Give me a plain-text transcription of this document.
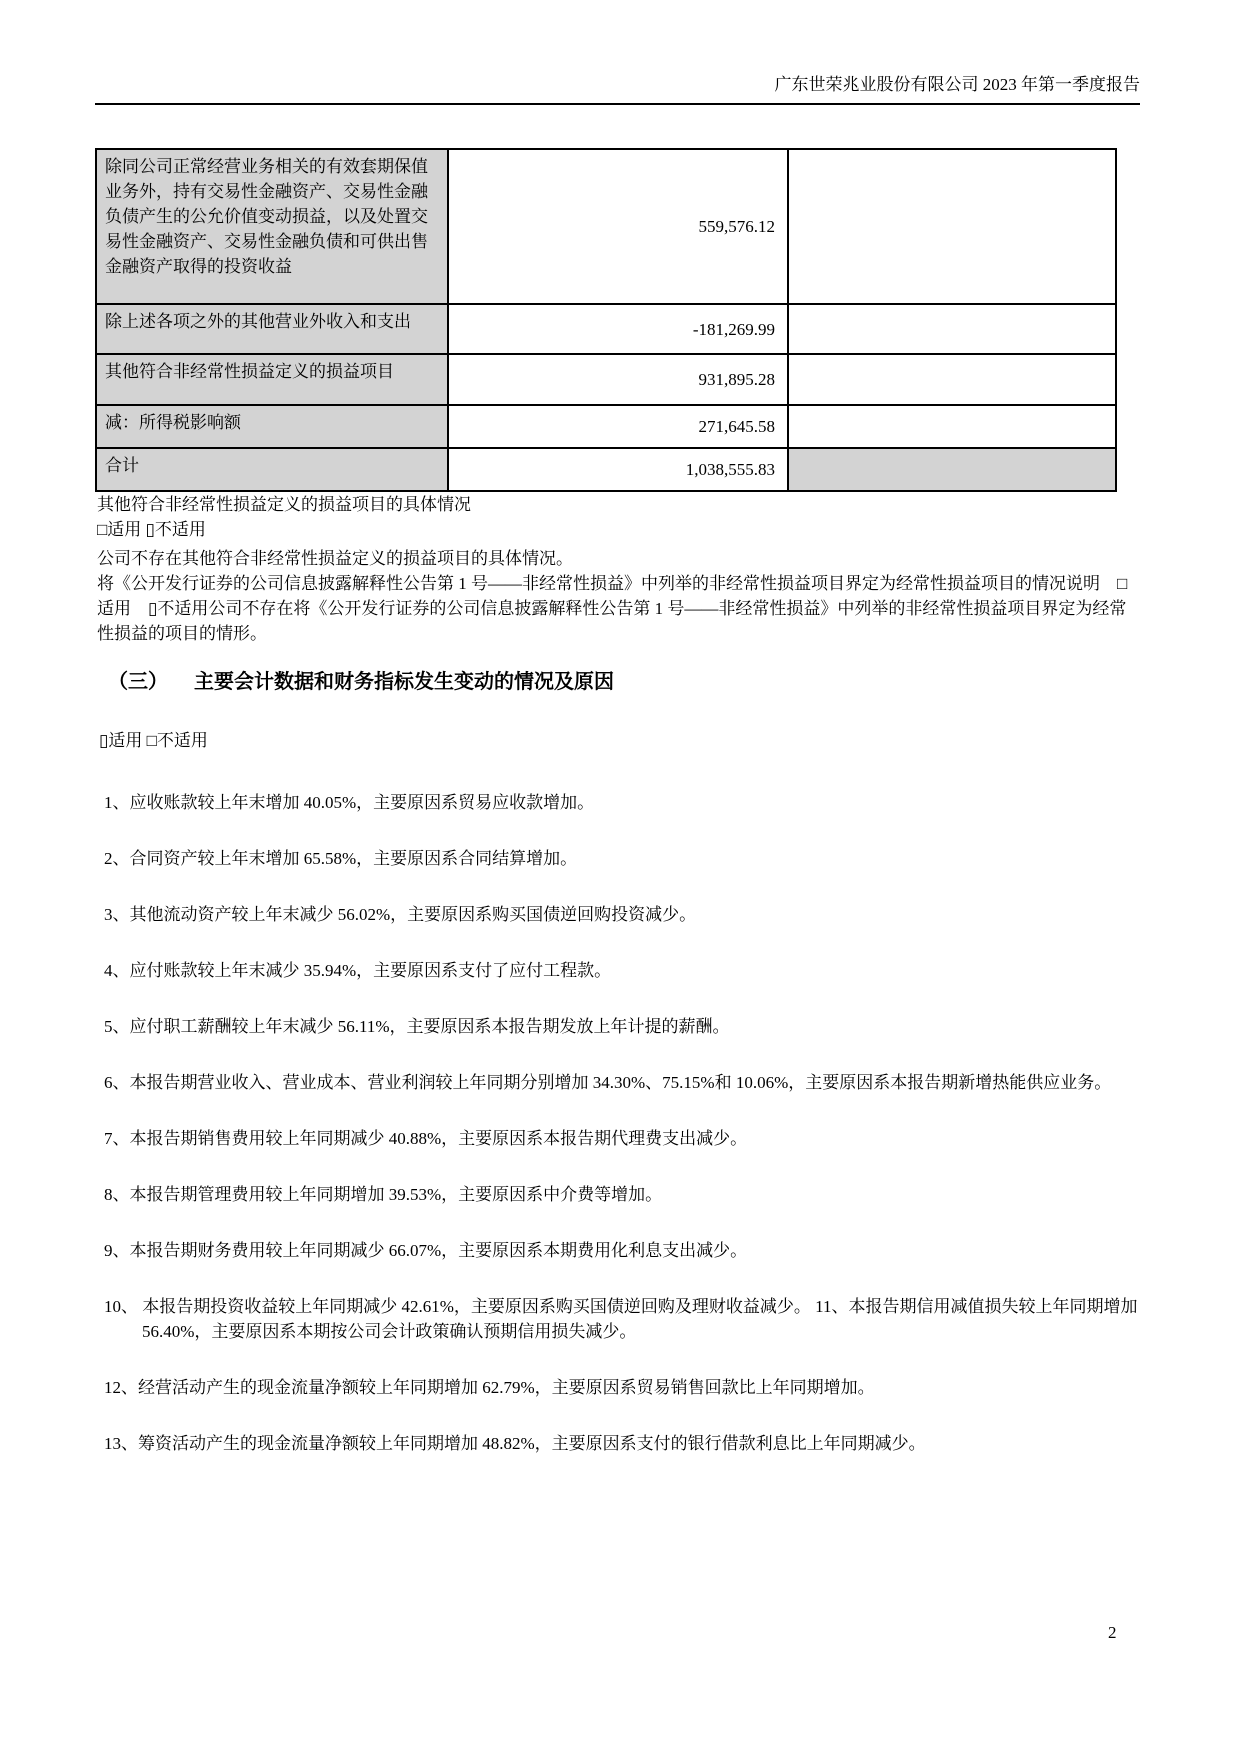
广东世荣兆业股份有限公司 2023 年第一季度报告
除同公司正常经营业务相关的有效套期保值业务外，持有交易性金融资产、交易性金融负债产生的公允价值变动损益，以及处置交易性金融资产、交易性金融负债和可供出售金融资产取得的投资收益	559,576.12	
除上述各项之外的其他营业外收入和支出	-181,269.99	
其他符合非经常性损益定义的损益项目	931,895.28	
减：所得税影响额	271,645.58	
合计	1,038,555.83	

其他符合非经常性损益定义的损益项目的具体情况

□适用 ▯不适用

公司不存在其他符合非经常性损益定义的损益项目的具体情况。

将《公开发行证券的公司信息披露解释性公告第 1 号——非经常性损益》中列举的非经常性损益项目界定为经常性损益项目的情况说明　□适用　▯不适用公司不存在将《公开发行证券的公司信息披露解释性公告第 1 号——非经常性损益》中列举的非经常性损益项目界定为经常性损益的项目的情形。

（三） 主要会计数据和财务指标发生变动的情况及原因
▯适用 □不适用

1、应收账款较上年末增加 40.05%，主要原因系贸易应收款增加。

2、合同资产较上年末增加 65.58%，主要原因系合同结算增加。

3、其他流动资产较上年末减少 56.02%，主要原因系购买国债逆回购投资减少。

4、应付账款较上年末减少 35.94%，主要原因系支付了应付工程款。

5、应付职工薪酬较上年末减少 56.11%，主要原因系本报告期发放上年计提的薪酬。

6、本报告期营业收入、营业成本、营业利润较上年同期分别增加 34.30%、75.15%和 10.06%，主要原因系本报告期新增热能供应业务。

7、本报告期销售费用较上年同期减少 40.88%，主要原因系本报告期代理费支出减少。

8、本报告期管理费用较上年同期增加 39.53%，主要原因系中介费等增加。

9、本报告期财务费用较上年同期减少 66.07%，主要原因系本期费用化利息支出减少。

10、 本报告期投资收益较上年同期减少 42.61%，主要原因系购买国债逆回购及理财收益减少。 11、本报告期信用减值损失较上年同期增加 56.40%，主要原因系本期按公司会计政策确认预期信用损失减少。

12、经营活动产生的现金流量净额较上年同期增加 62.79%，主要原因系贸易销售回款比上年同期增加。

13、筹资活动产生的现金流量净额较上年同期增加 48.82%，主要原因系支付的银行借款利息比上年同期减少。

2
